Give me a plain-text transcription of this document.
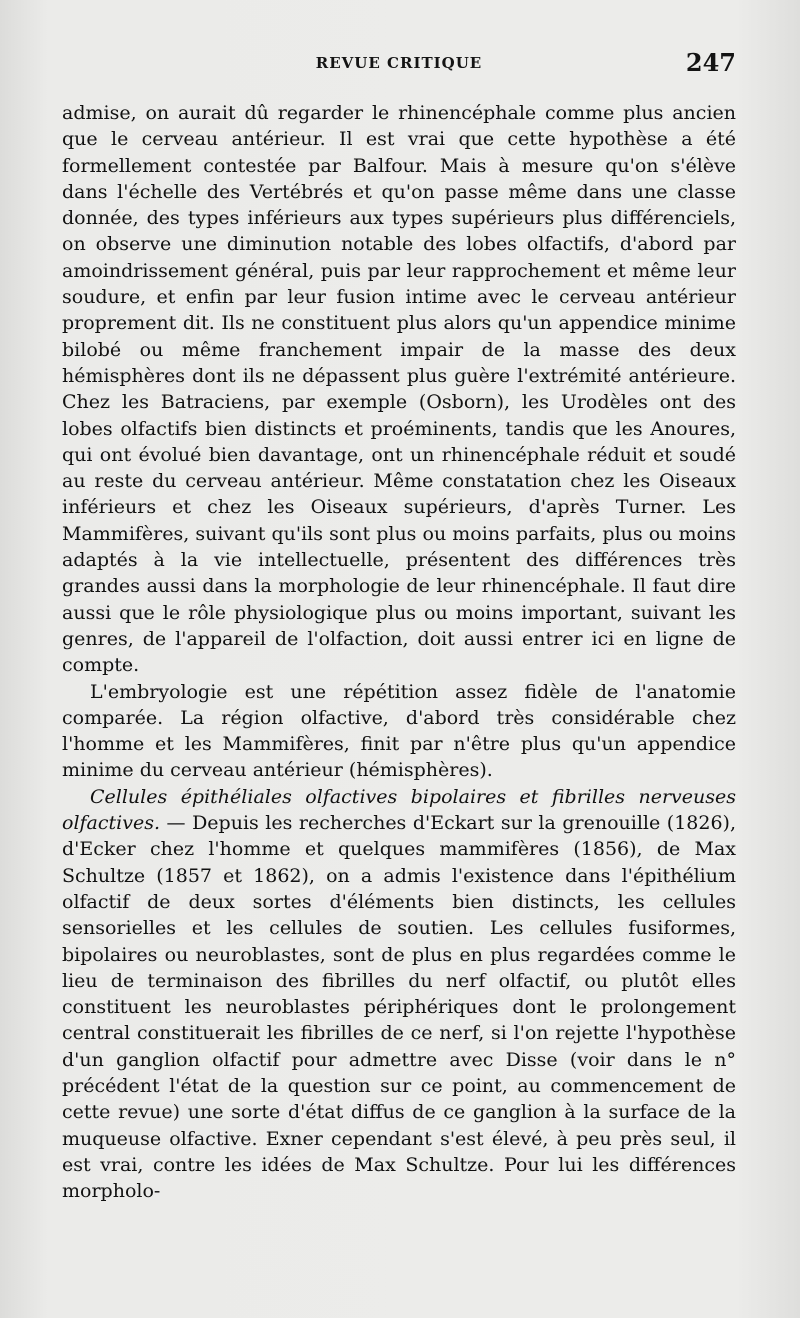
REVUE CRITIQUE	247

admise, on aurait dû regarder le rhinencéphale comme plus ancien que le cerveau antérieur. Il est vrai que cette hypothèse a été formellement contestée par Balfour. Mais à mesure qu'on s'élève dans l'échelle des Vertébrés et qu'on passe même dans une classe donnée, des types inférieurs aux types supérieurs plus différenciels, on observe une diminution notable des lobes olfactifs, d'abord par amoindrissement général, puis par leur rapprochement et même leur soudure, et enfin par leur fusion intime avec le cerveau antérieur proprement dit. Ils ne constituent plus alors qu'un appendice minime bilobé ou même franchement impair de la masse des deux hémisphères dont ils ne dépassent plus guère l'extrémité antérieure. Chez les Batraciens, par exemple (Osborn), les Urodèles ont des lobes olfactifs bien distincts et proéminents, tandis que les Anoures, qui ont évolué bien davantage, ont un rhinencéphale réduit et soudé au reste du cerveau antérieur. Même constatation chez les Oiseaux inférieurs et chez les Oiseaux supérieurs, d'après Turner. Les Mammifères, suivant qu'ils sont plus ou moins parfaits, plus ou moins adaptés à la vie intellectuelle, présentent des différences très grandes aussi dans la morphologie de leur rhinencéphale. Il faut dire aussi que le rôle physiologique plus ou moins important, suivant les genres, de l'appareil de l'olfaction, doit aussi entrer ici en ligne de compte.

L'embryologie est une répétition assez fidèle de l'anatomie comparée. La région olfactive, d'abord très considérable chez l'homme et les Mammifères, finit par n'être plus qu'un appendice minime du cerveau antérieur (hémisphères).

Cellules épithéliales olfactives bipolaires et fibrilles nerveuses olfactives. — Depuis les recherches d'Eckart sur la grenouille (1826), d'Ecker chez l'homme et quelques mammifères (1856), de Max Schultze (1857 et 1862), on a admis l'existence dans l'épithélium olfactif de deux sortes d'éléments bien distincts, les cellules sensorielles et les cellules de soutien. Les cellules fusiformes, bipolaires ou neuroblastes, sont de plus en plus regardées comme le lieu de terminaison des fibrilles du nerf olfactif, ou plutôt elles constituent les neuroblastes périphériques dont le prolongement central constituerait les fibrilles de ce nerf, si l'on rejette l'hypothèse d'un ganglion olfactif pour admettre avec Disse (voir dans le n° précédent l'état de la question sur ce point, au commencement de cette revue) une sorte d'état diffus de ce ganglion à la surface de la muqueuse olfactive. Exner cependant s'est élevé, à peu près seul, il est vrai, contre les idées de Max Schultze. Pour lui les différences morpholo-
